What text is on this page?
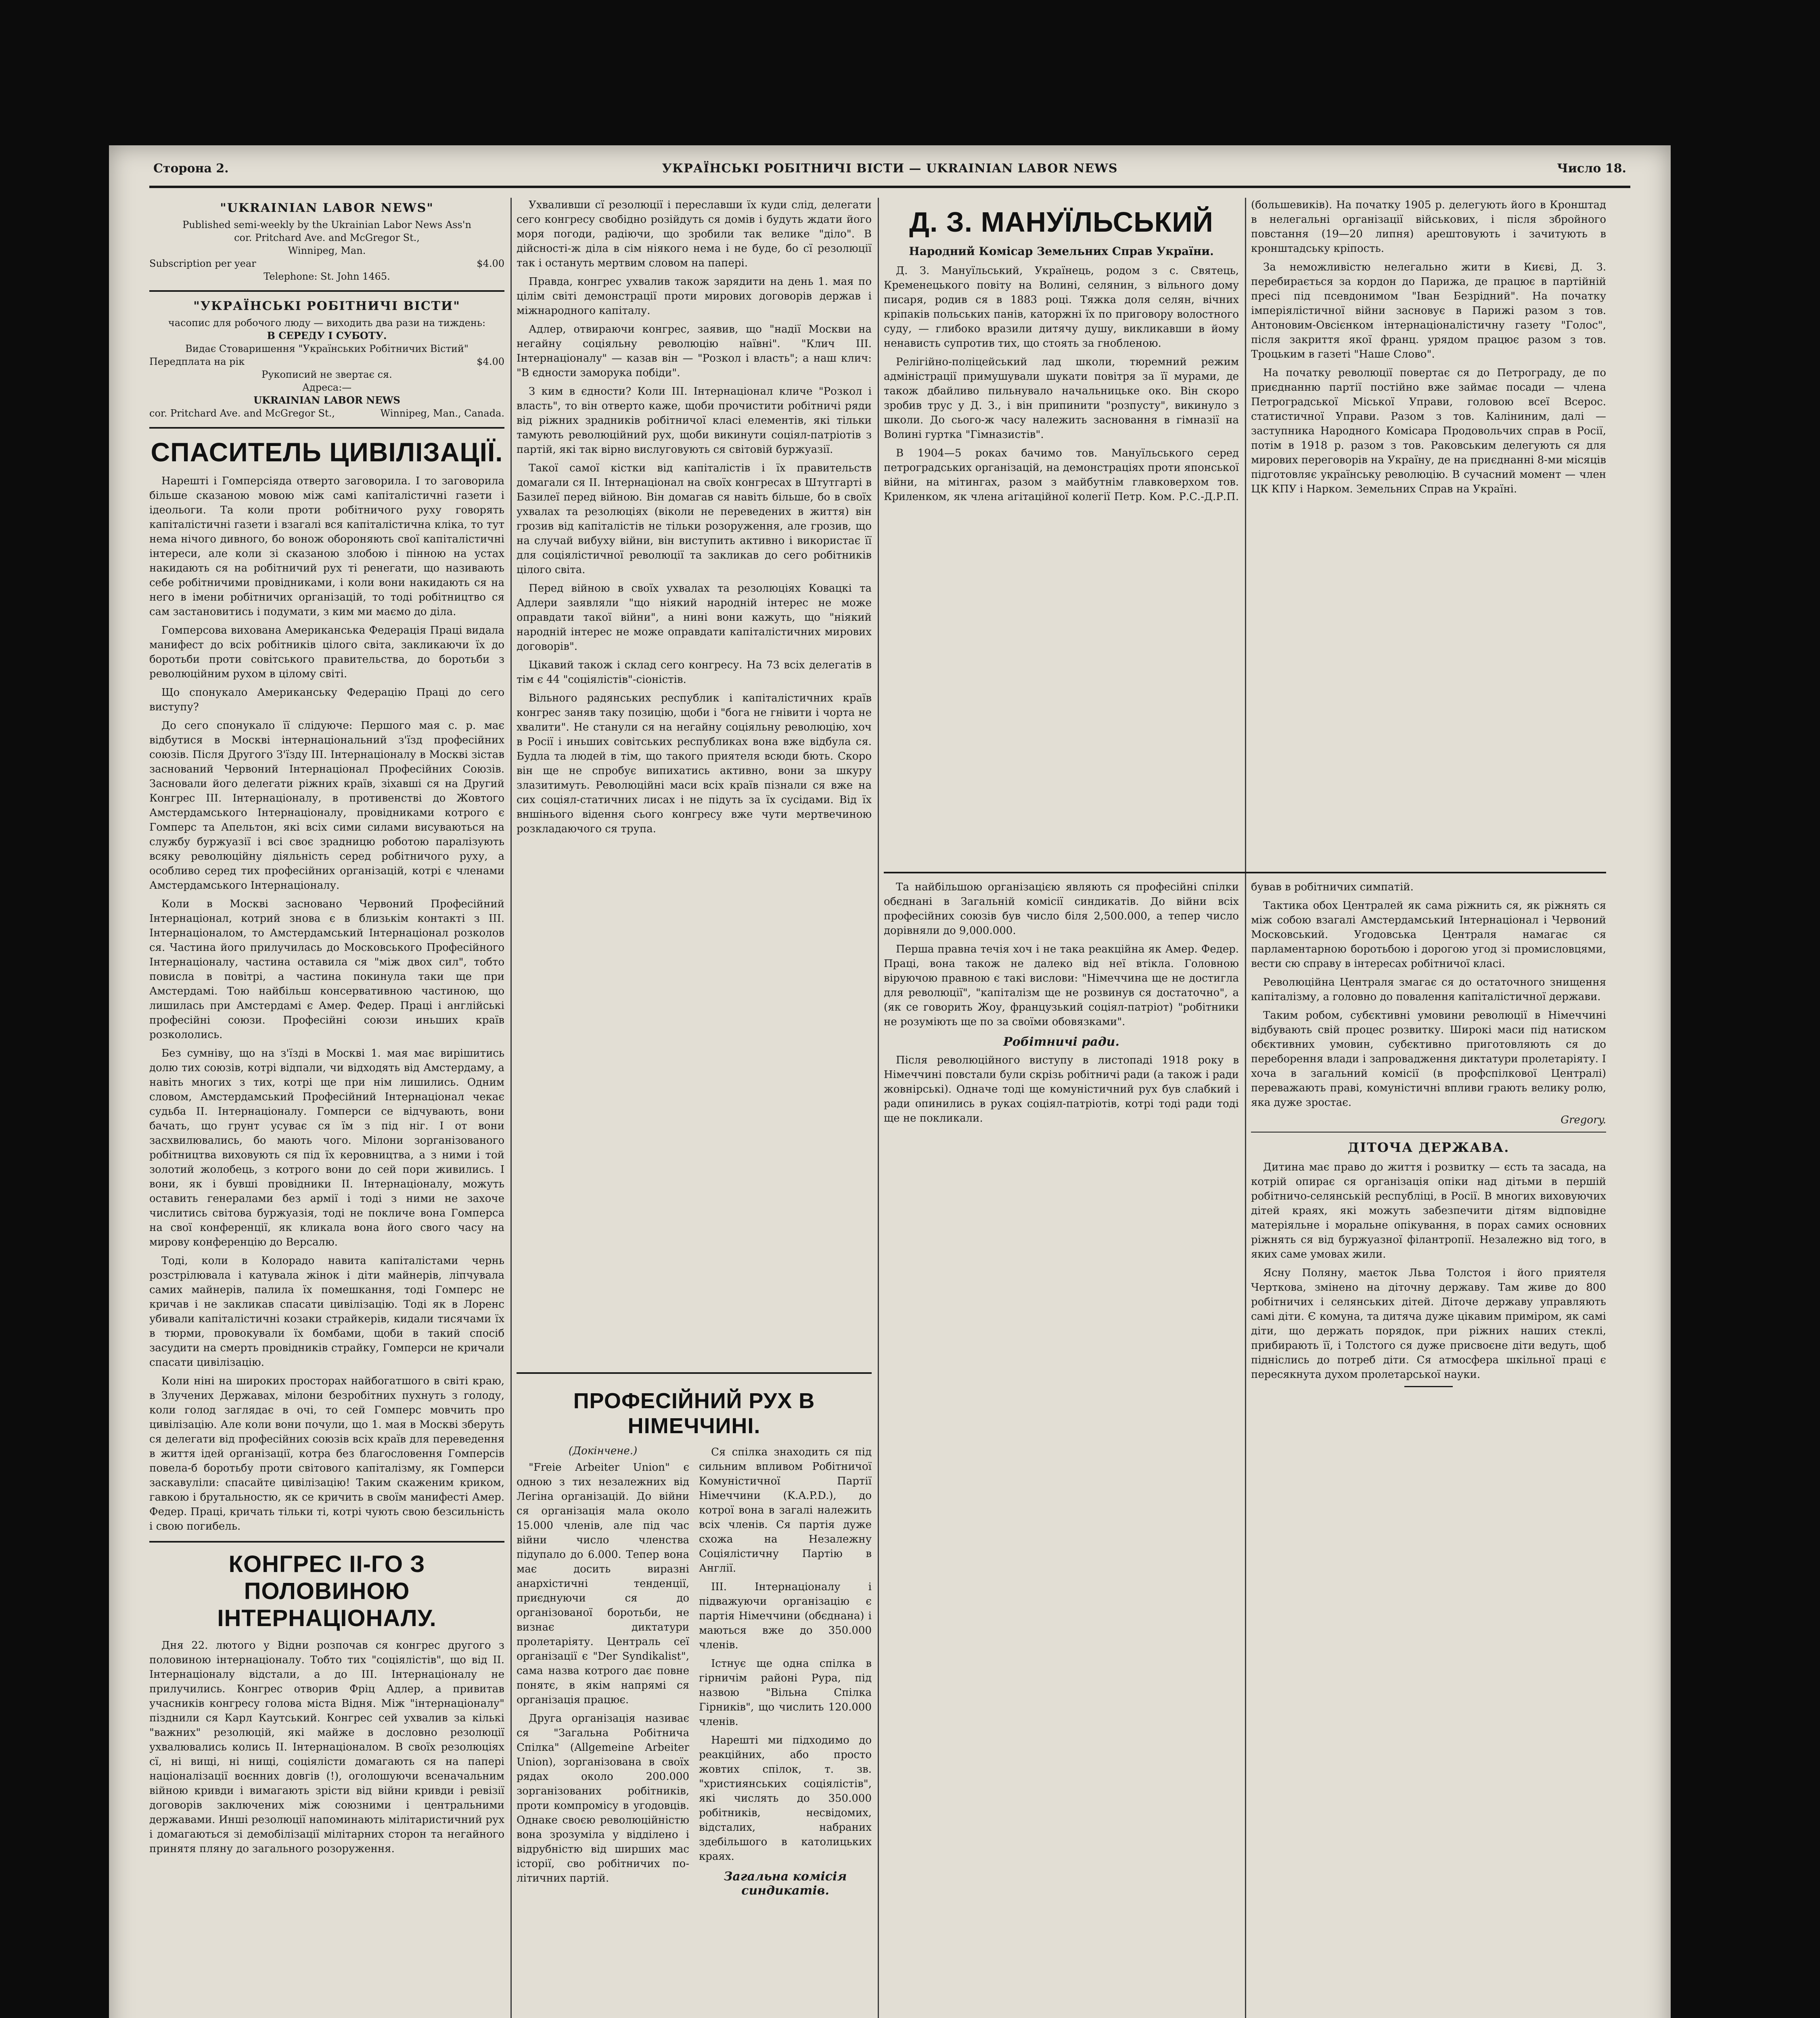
Сторона 2.	УКРАЇНСЬКІ РОБІТНИЧІ ВІСТИ — UKRAINIAN LABOR NEWS	Число 18.
"UKRAINIAN LABOR NEWS"

Published semi-weekly by the Ukrainian Labor News Ass'n

cor. Pritchard Ave. and McGregor St.,

Winnipeg, Man.

Subscription per year	$4.00

Telephone: St. John 1465.

"УКРАЇНСЬКІ РОБІТНИЧІ ВІСТИ"

часопис для робочого люду — виходить два рази на тиждень:

В СЕРЕДУ І СУБОТУ.

Видає Стоваришення "Українських Робітничих Вістий"

Передплата на рік	$4.00

Рукописий не звертає ся.

Адреса:—

UKRAINIAN LABOR NEWS

cor. Pritchard Ave. and McGregor St.,	Winnipeg, Man., Canada.
СПАСИТЕЛЬ ЦИВІЛІЗАЦІЇ.

Нарешті і Гомперсіяда отверто заговорила. І то заговорила більше сказаною мовою між самі капіталістичні газети і ідеольоги. Та коли проти робітничого руху говорять капіталістичні газети і взагалі вся капіталістична кліка, то тут нема нічого дивного, бо вонож обороняють свої капіталістичні інтереси, але коли зі сказаною злобою і пінною на устах накидають ся на робітничий рух ті ренегати, що називають себе робітничими провідниками, і коли вони накидають ся на него в імени робітничих організацій, то тоді робітництво ся сам застановитись і подумати, з ким ми маємо до діла.

Гомперсова вихована Американська Федерація Праці видала манифест до всіх робітників цілого світа, закликаючи їх до боротьби проти совітського правительства, до боротьби з революційним рухом в цілому світі.

Що спонукало Американську Федерацію Праці до сего виступу?

До сего спонукало її слідуюче: Першого мая с. р. має відбутися в Москві інтернаціональний з'їзд професійних союзів. Після Другого З'їзду III. Інтернаціоналу в Москві зістав заснований Червоний Інтернаціонал Професійних Союзів. Засновали його делегати ріжних країв, зіхавші ся на Другий Конгрес III. Інтернаціоналу, в противенстві до Жовтого Амстердамського Інтернаціоналу, провідниками котрого є Гомперс та Апельтон, які всіх сими силами висуваються на службу буржуазії і всі своє зрадницю роботою паралізують всяку революційну діяльність серед робітничого руху, а особливо серед тих професійних організацій, котрі є членами Амстердамського Інтернаціоналу.

Коли в Москві засновано Червоний Професійний Інтернаціонал, котрий знова є в близькім контакті з III. Інтернаціоналом, то Амстердамський Інтернаціонал розколов ся. Частина його прилучилась до Московського Професійного Інтернаціоналу, частина оставила ся "між двох сил", тобто повисла в повітрі, а частина покинула таки ще при Амстердамі. Тою найбільш консервативною частиною, що лишилась при Амстердамі є Амер. Федер. Праці і англійські професійні союзи. Професійні союзи иньших країв розкололись.

Без сумніву, що на з'їзді в Москві 1. мая має вирішитись долю тих союзів, котрі відпали, чи відходять від Амстердаму, а навіть многих з тих, котрі ще при нім лишились. Одним словом, Амстердамський Професійний Інтернаціонал чекає судьба II. Інтернаціоналу. Гомперси се відчувають, вони бачать, що грунт усуває ся їм з під ніг. І от вони засхвилювались, бо мають чого. Мілони зорганізованого робітництва виховують ся під їх керовництва, а з ними і той золотий жолобець, з котрого вони до сей пори живились. І вони, як і бувші провідники II. Інтернаціоналу, можуть оставить генералами без армії і тоді з ними не захоче числитись світова буржуазія, тоді не покличе вона Гомперса на свої конференції, як кликала вона його свого часу на мирову конференцію до Версалю.

Тоді, коли в Колорадо навита капіталістами чернь розстрілювала і катувала жінок і діти майнерів, ліпчувала самих майнерів, палила їх помешкання, тоді Гомперс не кричав і не закликав спасати цивілізацію. Тоді як в Лоренс убивали капіталістичні козаки страйкерів, кидали тисячами їх в тюрми, провокували їх бомбами, щоби в такий спосіб засудити на смерть провідників страйку, Гомперси не кричали спасати цивілізацію.

Коли ніні на широких просторах найбогатшого в світі краю, в Злучених Державах, мілони безробітних пухнуть з голоду, коли голод заглядає в очі, то сей Гомперс мовчить про цивілізацію. Але коли вони почули, що 1. мая в Москві зберуть ся делегати від професійних союзів всіх країв для переведення в життя ідей організації, котра без благословення Гомперсів повела-б боротьбу проти світового капіталізму, як Гомперси заскавуліли: спасайте цивілізацію! Таким скаженим криком, гавкою і брутальностю, як се кричить в своїм манифесті Амер. Федер. Праці, кричать тільки ті, котрі чують свою безсильність і свою погибель.

КОНГРЕС II-ГО З ПОЛОВИНОЮ ІНТЕРНАЦІОНАЛУ.

Дня 22. лютого у Відни розпочав ся конгрес другого з половиною інтернаціоналу. Тобто тих "соціялістів", що від II. Інтернаціоналу відстали, а до III. Інтернаціоналу не прилучились. Конгрес отворив Фріц Адлер, а привитав учасників конгресу голова міста Відня. Між "інтернаціоналу" пізднили ся Карл Каутський. Конгрес сей ухвалив за кількі "важних" резолюцій, які майже в дословно резолюції ухвалювались колись II. Інтернаціоналом. В своїх резолюціях сї, ні вищі, ні нищі, соціялісти домагають ся на папері націоналізації воєнних довгів (!), оголошуючи всеначальним війною кривди і вимагають зрісти від війни кривди і ревізії договорів заключених між союзними і центральними державами. Инші резолюції напоминають мілітаристичний рух і домагаються зі демобілізації мілітарних сторон та негайного принятя пляну до загального розоруження.

Ухваливши сї резолюції і переславши їх куди слід, делегати сего конгресу свобідно розійдуть ся домів і будуть ждати його моря погоди, радіючи, що зробили так велике "діло". В дійсності-ж діла в сім ніякого нема і не буде, бо сї резолюції так і остануть мертвим словом на папері.

Правда, конгрес ухвалив також зарядити на день 1. мая по цілім світі демонстрації проти мирових договорів держав і міжнародного капіталу.

Адлер, отвираючи конгрес, заявив, що "надії Москви на негайну соціяльну революцію наївні". "Клич III. Інтернаціоналу" — казав він — "Розкол і власть"; а наш клич: "В єдности заморука побіди".

З ким в єдности? Коли III. Інтернаціонал кличе "Розкол і власть", то він отверто каже, щоби прочистити робітничі ряди від ріжних зрадників робітничої класі елементів, які тільки тамують революційний рух, щоби викинути соціял-патріотів з партій, які так вірно вислуговують ся світовій буржуазії.

Такої самої кістки від капіталістів і їх правительств домагали ся II. Інтернаціонал на своїх конгресах в Штутгарті в Базилеї перед війною. Він домагав ся навіть більше, бо в своїх ухвалах та резолюціях (віколи не переведених в життя) він грозив від капіталістів не тільки розоруження, але грозив, що на случай вибуху війни, він виступить активно і використає її для соціялістичної революції та закликав до сего робітників цілого світа.

Перед війною в своїх ухвалах та резолюціях Ковацкі та Адлери заявляли "що ніякий народній інтерес не може оправдати такої війни", а нині вони кажуть, що "ніякий народній інтерес не може оправдати капіталістичних мирових договорів".

Цікавий також і склад сего конгресу. На 73 всіх делегатів в тім є 44 "соціялістів"-сіоністів.

Вільного радянських республик і капіталістичних країв конгрес заняв таку позицію, щоби і "бога не гнівити і чорта не хвалити". Не станули ся на негайну соціяльну революцію, хоч в Росії і иньших совітських республиках вона вже відбула ся. Будла та людей в тім, що такого приятеля всюди бють. Скоро він ще не спробує випихатись активно, вони за шкуру злазитимуть. Революційні маси всіх країв пізнали ся вже на сих соціял-статичних лисах і не підуть за їх сусідами. Від їх вншінього відення сього конгресу вже чути мертвечиною розкладаючого ся трупа.

Д. З. МАНУЇЛЬСЬКИЙ
Народний Комісар Земельних Справ України.

Д. З. Мануїльський, Українець, родом з с. Святець, Кременецького повіту на Волині, селянин, з вільного дому писаря, родив ся в 1883 році. Тяжка доля селян, вічних кріпаків польських панів, каторжні їх по приговору волостного суду, — глибоко вразили дитячу душу, викликавши в йому ненависть супротив тих, що стоять за гнобленою.

Релігійно-поліцейський лад школи, тюремний режим адміністрації примушували шукати повітря за її мурами, де також дбайливо пильнувало начальницьке око. Він скоро зробив трус у Д. З., і він припинити "розпусту", викинуло з школи. До сього-ж часу належить засновання в гімназії на Волині гуртка "Гімназистів".

В 1904—5 роках бачимо тов. Мануїльського серед петроградських організацій, на демонстраціях проти японської війни, на мітингах, разом з майбутнім главковерхом тов. Криленком, як члена агітаційної колегії Петр. Ком. Р.С.-Д.Р.П. (большевиків). На початку 1905 р. делегують його в Кронштад в нелегальні організації військових, і після збройного повстання (19—20 липня) арештовують і зачитують в кронштадську кріпость.

За неможливістю нелегально жити в Києві, Д. З. перебирається за кордон до Парижа, де працює в партійній пресі під псевдонимом "Іван Безрідний". На початку імперіялістичної війни засновує в Парижі разом з тов. Антоновим-Овсієнком інтернаціоналістичну газету "Голос", після закриття якої франц. урядом працює разом з тов. Троцьким в газеті "Наше Слово".

На початку революції повертає ся до Петрограду, де по приєднанню партії постійно вже займає посади — члена Петроградської Міської Управи, головою всеї Всерос. статистичної Управи. Разом з тов. Каліниним, далі — заступника Народного Комісара Продовольчих справ в Росії, потім в 1918 р. разом з тов. Раковським делегують ся для мирових переговорів на Україну, де на приєднанні 8-ми місяців підготовляє українську революцію. В сучасний момент — член ЦК КПУ і Нарком. Земельних Справ на Україні.

Та найбільшою організацією являють ся професійні спілки обєднані в Загальній комісії синдикатів. До війни всіх професійних союзів був число біля 2,500.000, а тепер число дорівняли до 9,000.000.

Перша правна течія хоч і не така реакційна як Амер. Федер. Праці, вона також не далеко від неї втікла. Головною віруючою правною є такі вислови: "Німеччина ще не достигла для революції", "капіталізм ще не розвинув ся достаточно", а (як се говорить Жоу, французький соціял-патріот) "робітники не розуміють ще по за своїми обовязками".

Робітничі ради.

Після революційного виступу в листопаді 1918 року в Німеччині повстали були скрізь робітничі ради (а також і ради жовнірські). Одначе тоді ще комуністичний рух був слабкий і ради опинились в руках соціял-патріотів, котрі тоді ради тоді ще не покликали.

бував в робітничих симпатій.

Тактика обох Централей як сама ріжнить ся, як ріжнять ся між собою взагалі Амстердамський Інтернаціонал і Червоний Московський. Угодовська Централя намагає ся парламентарною боротьбою і дорогою угод зі промисловцями, вести сю справу в інтересах робітничої класі.

Революційна Централя змагає ся до остаточного знищення капіталізму, а головно до повалення капіталістичної держави.

Таким робом, субєктивні умовини революції в Німеччині відбувають свій процес розвитку. Широкі маси під натиском обєктивних умовин, субєктивно приготовляють ся до переборення влади і запровадження диктатури пролетаріяту. І хоча в загальний комісії (в профспілкової Централі) переважають праві, комуністичні впливи грають велику ролю, яка дуже зростає.

Gregory.
ДІТОЧА ДЕРЖАВА.

Дитина має право до життя і розвитку — єсть та засада, на котрій опирає ся організація опіки над дітьми в першій робітничо-селянській республіці, в Росії. В многих виховуючих дітей краях, які можуть забезпечити дітям відповідне матеріяльне і моральне опікування, в порах самих основних ріжнять ся від буржуазної філантропії. Незалежно від того, в яких саме умовах жили.

Ясну Поляну, маєток Льва Толстоя і його приятеля Черткова, змінено на діточну державу. Там живе до 800 робітничих і селянських дітей. Діточе державу управляють самі діти. Є комуна, та дитяча дуже цікавим приміром, як самі діти, що держать порядок, при ріжних наших стеклі, прибирають її, і Толстого ся дуже присвоєне діти ведуть, щоб підніслись до потреб діти. Ся атмосфера шкільної праці є пересякнута духом пролетарської науки.

ПРОФЕСІЙНИЙ РУХ В НІМЕЧЧИНІ.
(Докінчене.)

"Freie Arbeiter Union" є одною з тих незалежних від Легіна організацій. До війни ся організація мала около 15.000 членів, але під час війни число членства підупало до 6.000. Тепер вона має досить виразні анархістичні тенденції, приєднуючи ся до організованої боротьби, не визнає диктатури пролетаріяту. Централь сеї організації є "Der Syndikalist", сама назва котрого дає повне понятє, в якім напрямі ся організація працює.

Друга організація називає ся "Загальна Робітнича Спілка" (Allgemeine Arbeiter Union), зорганізована в своїх рядах около 200.000 зорганізованих робітників, проти компромісу в угодовців. Однаке своєю революційністю вона зрозуміла у відділено і відрубністю від ширших мас історії, сво робітничих по-літичних партій.

Ся спілка знаходить ся під сильним впливом Робітничої Комуністичної Партії Німеччини (K.A.P.D.), до котрої вона в загалі належить всіх членів. Ся партія дуже схожа на Незалежну Соціялістичну Партію в Англії.

III. Інтернаціоналу і підважуючи організацію є партія Німеччини (обєднана) і маються вже до 350.000 членів.

Істнує ще одна спілка в гірничім районі Рура, під назвою "Вільна Спілка Гірників", що числить 120.000 членів.

Нарешті ми підходимо до реакційних, або просто жовтих спілок, т. зв. "християнських соціялістів", які числять до 350.000 робітників, несвідомих, відсталих, набраних здебільшого в католицьких краях.

Загальна комісія синдикатів.
